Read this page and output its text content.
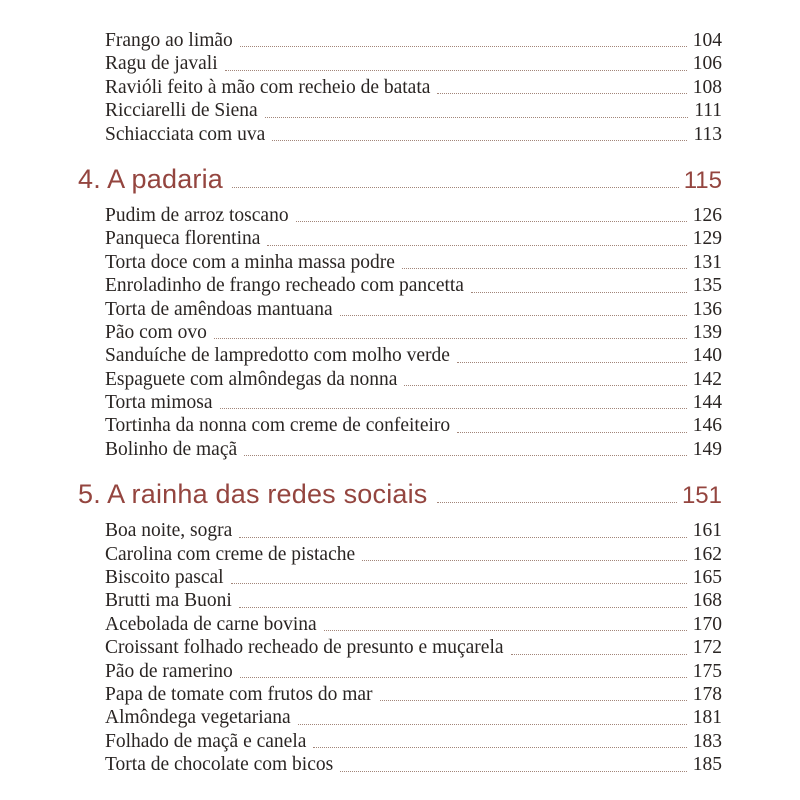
Frango ao limão	104
Ragu de javali	106
Ravióli feito à mão com recheio de batata	108
Ricciarelli de Siena	111
Schiacciata com uva	113
4. A padaria	115
Pudim de arroz toscano	126
Panqueca florentina	129
Torta doce com a minha massa podre	131
Enroladinho de frango recheado com pancetta	135
Torta de amêndoas mantuana	136
Pão com ovo	139
Sanduíche de lampredotto com molho verde	140
Espaguete com almôndegas da nonna	142
Torta mimosa	144
Tortinha da nonna com creme de confeiteiro	146
Bolinho de maçã	149
5. A rainha das redes sociais	151
Boa noite, sogra	161
Carolina com creme de pistache	162
Biscoito pascal	165
Brutti ma Buoni	168
Acebolada de carne bovina	170
Croissant folhado recheado de presunto e muçarela	172
Pão de ramerino	175
Papa de tomate com frutos do mar	178
Almôndega vegetariana	181
Folhado de maçã e canela	183
Torta de chocolate com bicos	185
